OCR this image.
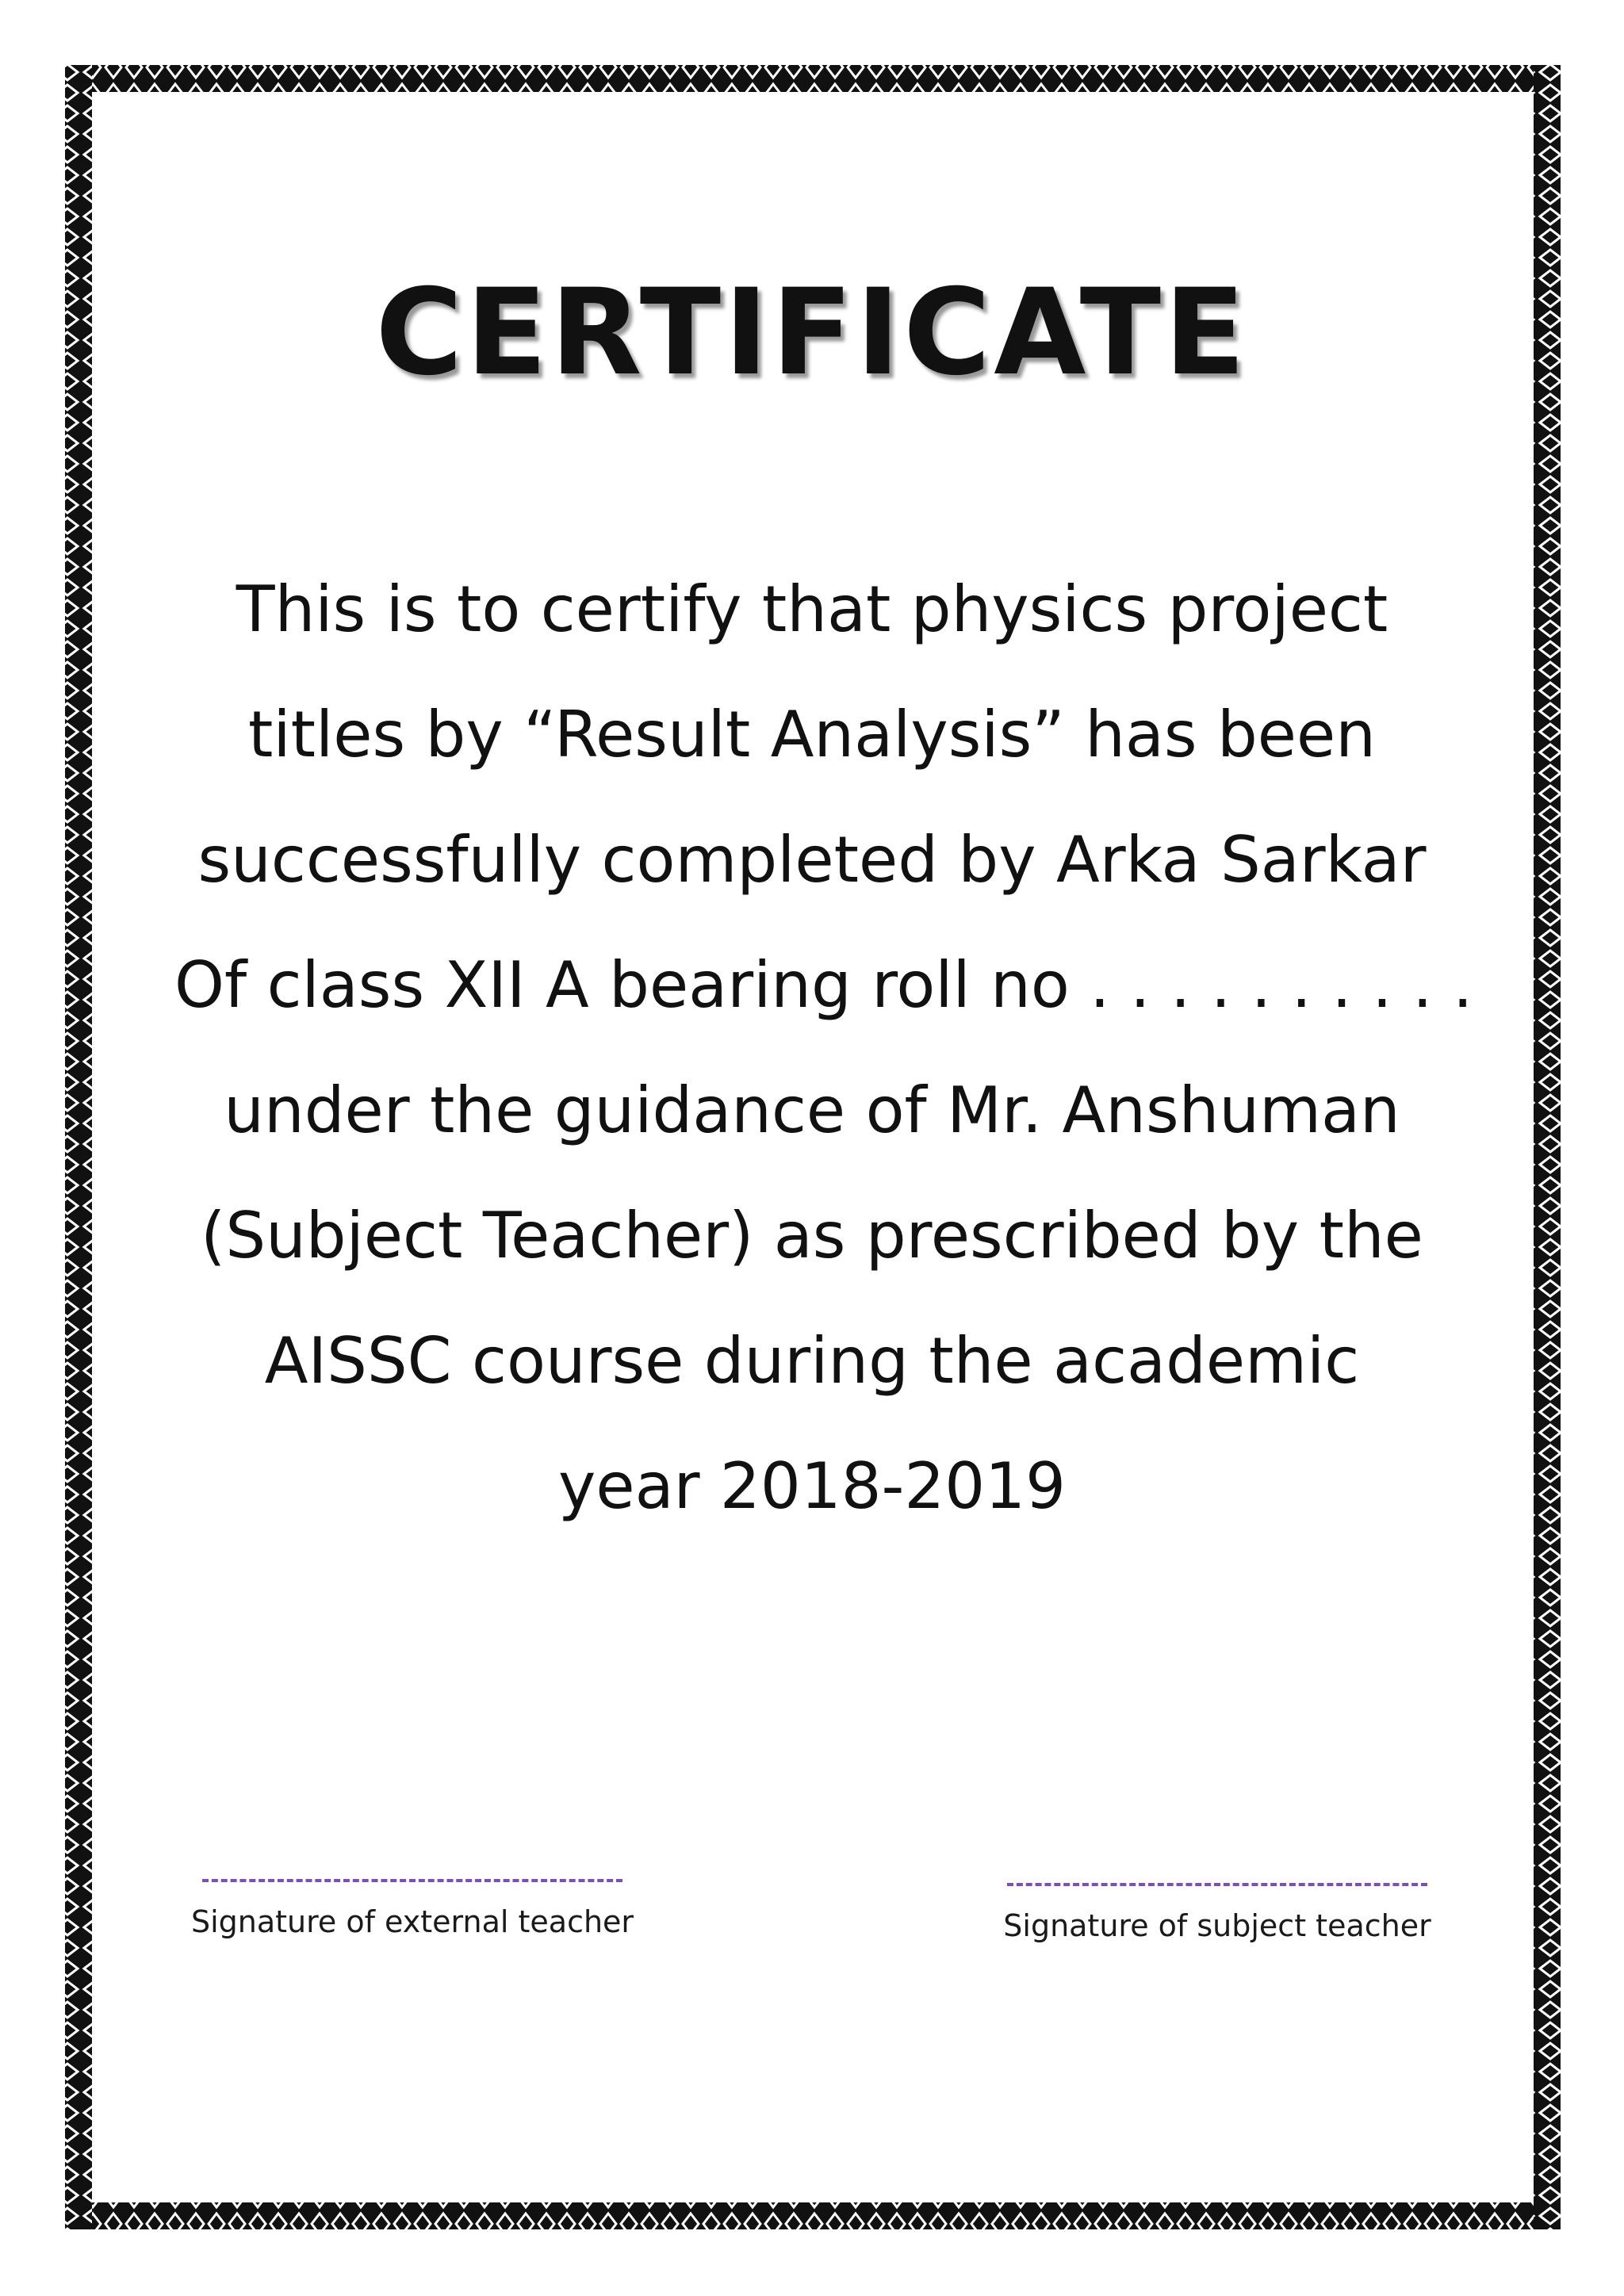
CERTIFICATE

This is to certify that physics project
titles by “Result Analysis” has been
successfully completed by Arka Sarkar
Of class XII A bearing roll no . . . . . . . . . .
under the guidance of Mr. Anshuman
(Subject Teacher) as prescribed by the
AISSC course during the academic
year 2018-2019

Signature of external teacher	Signature of subject teacher
